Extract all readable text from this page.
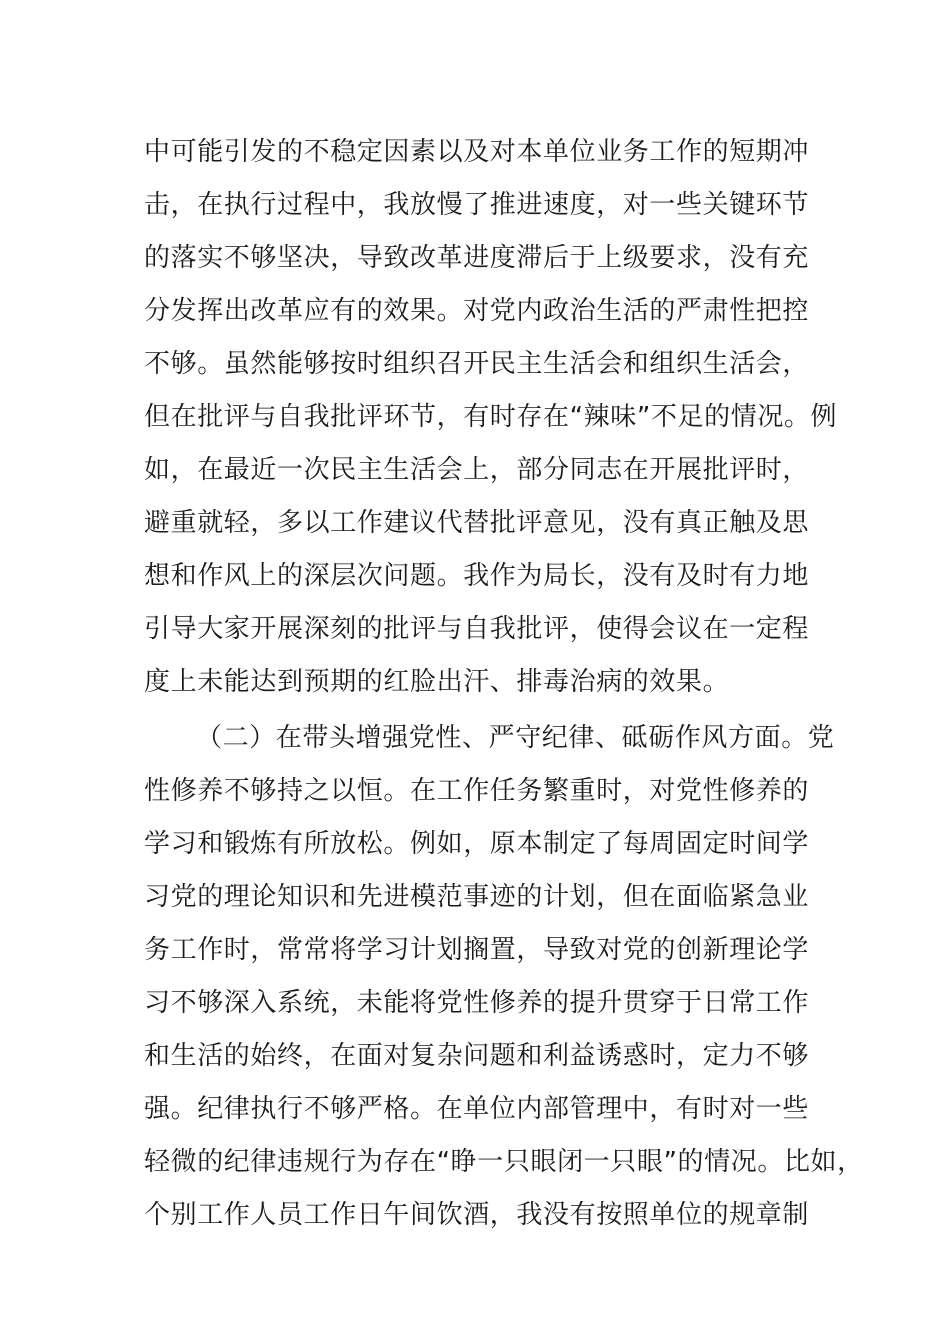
中可能引发的不稳定因素以及对本单位业务工作的短期冲
击，在执行过程中，我放慢了推进速度，对一些关键环节
的落实不够坚决，导致改革进度滞后于上级要求，没有充
分发挥出改革应有的效果。对党内政治生活的严肃性把控
不够。虽然能够按时组织召开民主生活会和组织生活会，
但在批评与自我批评环节，有时存在“辣味”不足的情况。例
如，在最近一次民主生活会上，部分同志在开展批评时，
避重就轻，多以工作建议代替批评意见，没有真正触及思
想和作风上的深层次问题。我作为局长，没有及时有力地
引导大家开展深刻的批评与自我批评，使得会议在一定程
度上未能达到预期的红脸出汗、排毒治病的效果。
（二）在带头增强党性、严守纪律、砥砺作风方面。党
性修养不够持之以恒。在工作任务繁重时，对党性修养的
学习和锻炼有所放松。例如，原本制定了每周固定时间学
习党的理论知识和先进模范事迹的计划，但在面临紧急业
务工作时，常常将学习计划搁置，导致对党的创新理论学
习不够深入系统，未能将党性修养的提升贯穿于日常工作
和生活的始终，在面对复杂问题和利益诱惑时，定力不够
强。纪律执行不够严格。在单位内部管理中，有时对一些
轻微的纪律违规行为存在“睁一只眼闭一只眼”的情况。比如，
个别工作人员工作日午间饮酒，我没有按照单位的规章制
